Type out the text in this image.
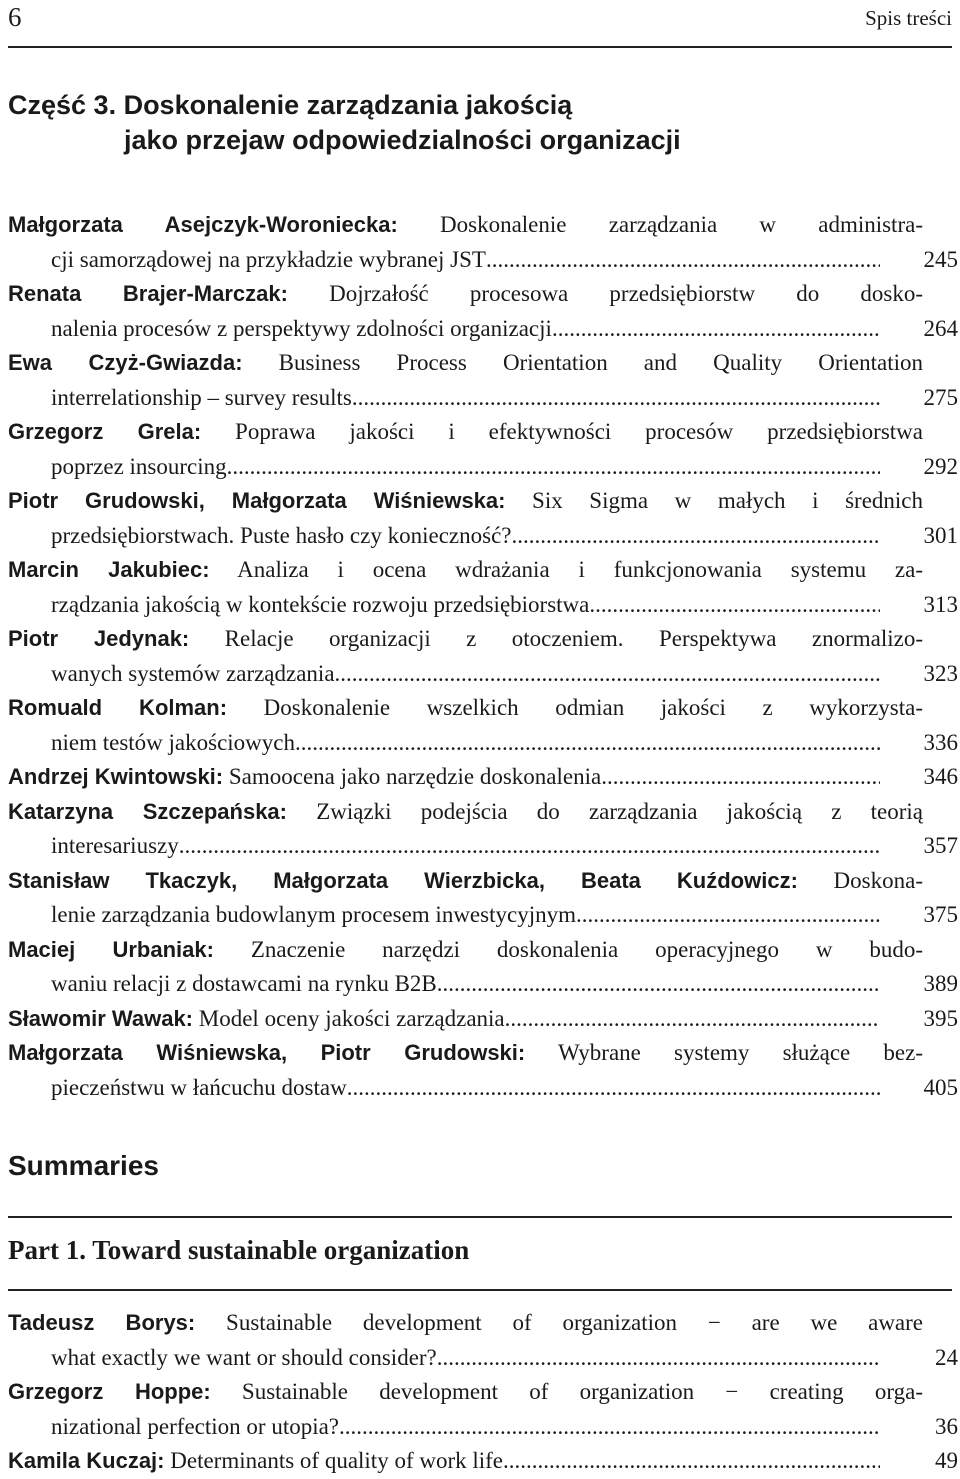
6	Spis treści
Część 3. Doskonalenie zarządzania jakością
jako przejaw odpowiedzialności organizacji
Małgorzata Asejczyk-Woroniecka: Doskonalenie zarządzania w administra-
cji samorządowej na przykładzie wybranej JST .....	245
Renata Brajer-Marczak: Dojrzałość procesowa przedsiębiorstw do dosko-
nalenia procesów z perspektywy zdolności organizacji .....	264
Ewa Czyż-Gwiazda: Business Process Orientation and Quality Orientation
interrelationship – survey results .....	275
Grzegorz Grela: Poprawa jakości i efektywności procesów przedsiębiorstwa
poprzez insourcing .....	292
Piotr Grudowski, Małgorzata Wiśniewska: Six Sigma w małych i średnich
przedsiębiorstwach. Puste hasło czy konieczność? .....	301
Marcin Jakubiec: Analiza i ocena wdrażania i funkcjonowania systemu za-
rządzania jakością w kontekście rozwoju przedsiębiorstwa .....	313
Piotr Jedynak: Relacje organizacji z otoczeniem. Perspektywa znormalizo-
wanych systemów zarządzania .....	323
Romuald Kolman: Doskonalenie wszelkich odmian jakości z wykorzysta-
niem testów jakościowych .....	336
Andrzej Kwintowski: Samoocena jako narzędzie doskonalenia .....	346
Katarzyna Szczepańska: Związki podejścia do zarządzania jakością z teorią
interesariuszy .....	357
Stanisław Tkaczyk, Małgorzata Wierzbicka, Beata Kuźdowicz: Doskona-
lenie zarządzania budowlanym procesem inwestycyjnym .....	375
Maciej Urbaniak: Znaczenie narzędzi doskonalenia operacyjnego w budo-
waniu relacji z dostawcami na rynku B2B .....	389
Sławomir Wawak: Model oceny jakości zarządzania .....	395
Małgorzata Wiśniewska, Piotr Grudowski: Wybrane systemy służące bez-
pieczeństwu w łańcuchu dostaw .....	405
Summaries
Part 1. Toward sustainable organization
Tadeusz Borys: Sustainable development of organization − are we aware
what exactly we want or should consider? .....	24
Grzegorz Hoppe: Sustainable development of organization − creating orga-
nizational perfection or utopia? .....	36
Kamila Kuczaj: Determinants of quality of work life .....	49
